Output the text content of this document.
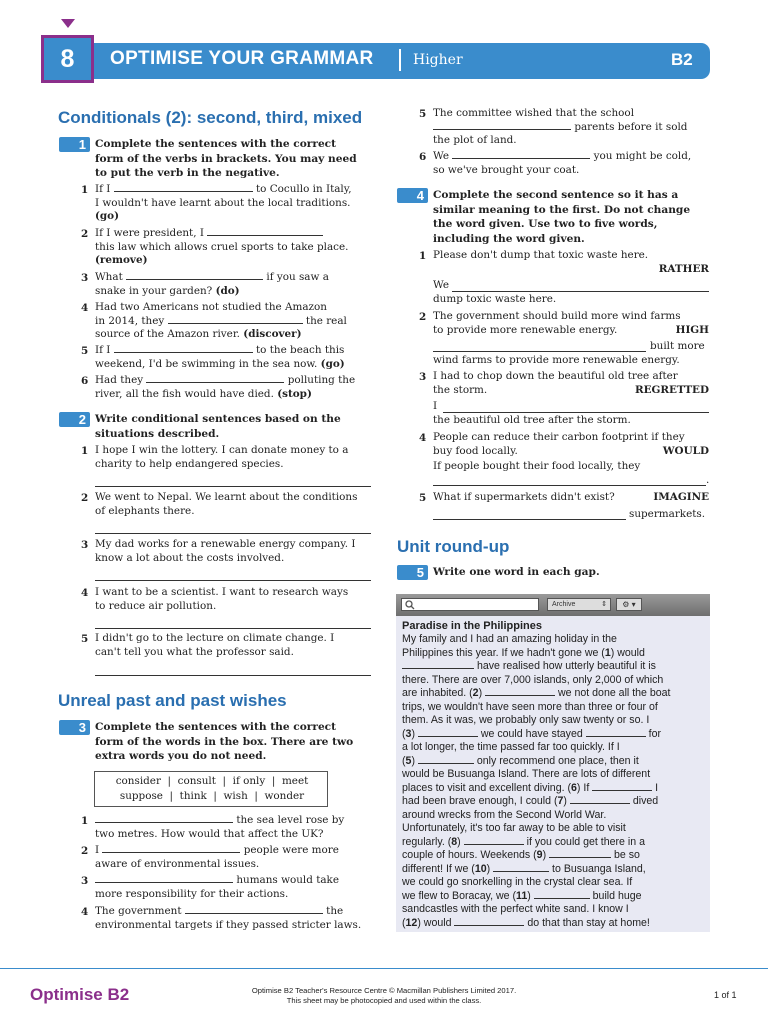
8	OPTIMISE YOUR GRAMMAR	Higher	B2
Conditionals (2): second, third, mixed
1 Complete the sentences with the correct
form of the verbs in brackets. You may need
to put the verb in the negative.
1 If I	to Cocullo in Italy,
I wouldn't have learnt about the local traditions.
(go)
2 If I were president, I
this law which allows cruel sports to take place.
(remove)
3 What	if you saw a
snake in your garden? (do)
4 Had two Americans not studied the Amazon
in 2014, they	the real
source of the Amazon river. (discover)
5 If I	to the beach this
weekend, I'd be swimming in the sea now. (go)
6 Had they	polluting the
river, all the fish would have died. (stop)
2 Write conditional sentences based on the
situations described.
1 I hope I win the lottery. I can donate money to a
charity to help endangered species.
2 We went to Nepal. We learnt about the conditions
of elephants there.
3 My dad works for a renewable energy company. I
know a lot about the costs involved.
4 I want to be a scientist. I want to research ways
to reduce air pollution.
5 I didn't go to the lecture on climate change. I
can't tell you what the professor said.
Unreal past and past wishes
3 Complete the sentences with the correct
form of the words in the box. There are two
extra words you do not need.
consider  |  consult  |  if only  |  meet
suppose  |  think  |  wish  |  wonder
1	the sea level rose by
two metres. How would that affect the UK?
2 I	people were more
aware of environmental issues.
3	humans would take
more responsibility for their actions.
4 The government	the
environmental targets if they passed stricter laws.
5 The committee wished that the school
parents before it sold
the plot of land.
6 We	you might be cold,
so we've brought your coat.
4 Complete the second sentence so it has a
similar meaning to the first. Do not change
the word given. Use two to five words,
including the word given.
1 Please don't dump that toxic waste here.
RATHER
We
dump toxic waste here.
2 The government should build more wind farms
to provide more renewable energy.	HIGH
built more
wind farms to provide more renewable energy.
3 I had to chop down the beautiful old tree after
the storm.	REGRETTED
I
the beautiful old tree after the storm.
4 People can reduce their carbon footprint if they
buy food locally.	WOULD
If people bought their food locally, they
.
5 What if supermarkets didn't exist?	IMAGINE
supermarkets.
Unit round-up
5 Write one word in each gap.
Archive	⇕	⚙ ▾
Paradise in the Philippines
My family and I had an amazing holiday in the
Philippines this year. If we hadn't gone we (1) would
have realised how utterly beautiful it is
there. There are over 7,000 islands, only 2,000 of which
are inhabited. (2)	we not done all the boat
trips, we wouldn't have seen more than three or four of
them. As it was, we probably only saw twenty or so. I
(3)	we could have stayed	for
a lot longer, the time passed far too quickly. If I
(5)	only recommend one place, then it
would be Busuanga Island. There are lots of different
places to visit and excellent diving. (6) If	I
had been brave enough, I could (7)	dived
around wrecks from the Second World War.
Unfortunately, it's too far away to be able to visit
regularly. (8)	if you could get there in a
couple of hours. Weekends (9)	be so
different! If we (10)	to Busuanga Island,
we could go snorkelling in the crystal clear sea. If
we flew to Boracay, we (11)	build huge
sandcastles with the perfect white sand. I know I
(12) would	do that than stay at home!
Optimise B2	Optimise B2 Teacher's Resource Centre © Macmillan Publishers Limited 2017.
This sheet may be photocopied and used within the class.
1 of 1
